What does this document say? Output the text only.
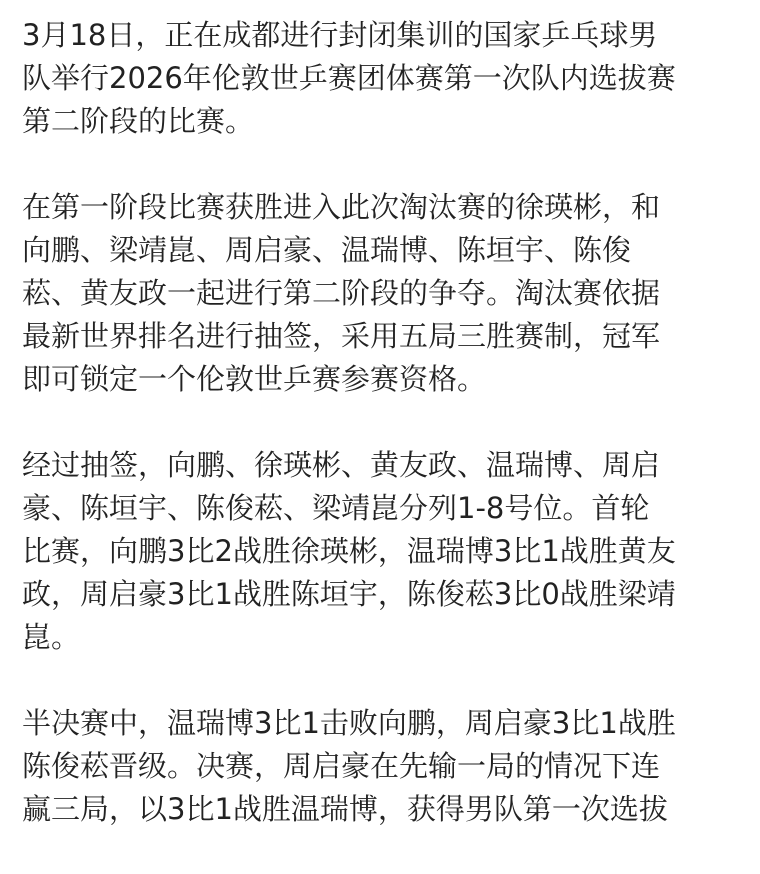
3月18日，正在成都进行封闭集训的国家乒乓球男
队举行2026年伦敦世乒赛团体赛第一次队内选拔赛
第二阶段的比赛。
在第一阶段比赛获胜进入此次淘汰赛的徐瑛彬，和
向鹏、梁靖崑、周启豪、温瑞博、陈垣宇、陈俊
菘、黄友政一起进行第二阶段的争夺。淘汰赛依据
最新世界排名进行抽签，采用五局三胜赛制，冠军
即可锁定一个伦敦世乒赛参赛资格。
经过抽签，向鹏、徐瑛彬、黄友政、温瑞博、周启
豪、陈垣宇、陈俊菘、梁靖崑分列1-8号位。首轮
比赛，向鹏3比2战胜徐瑛彬，温瑞博3比1战胜黄友
政，周启豪3比1战胜陈垣宇，陈俊菘3比0战胜梁靖
崑。
半决赛中，温瑞博3比1击败向鹏，周启豪3比1战胜
陈俊菘晋级。决赛，周启豪在先输一局的情况下连
赢三局，以3比1战胜温瑞博，获得男队第一次选拔
